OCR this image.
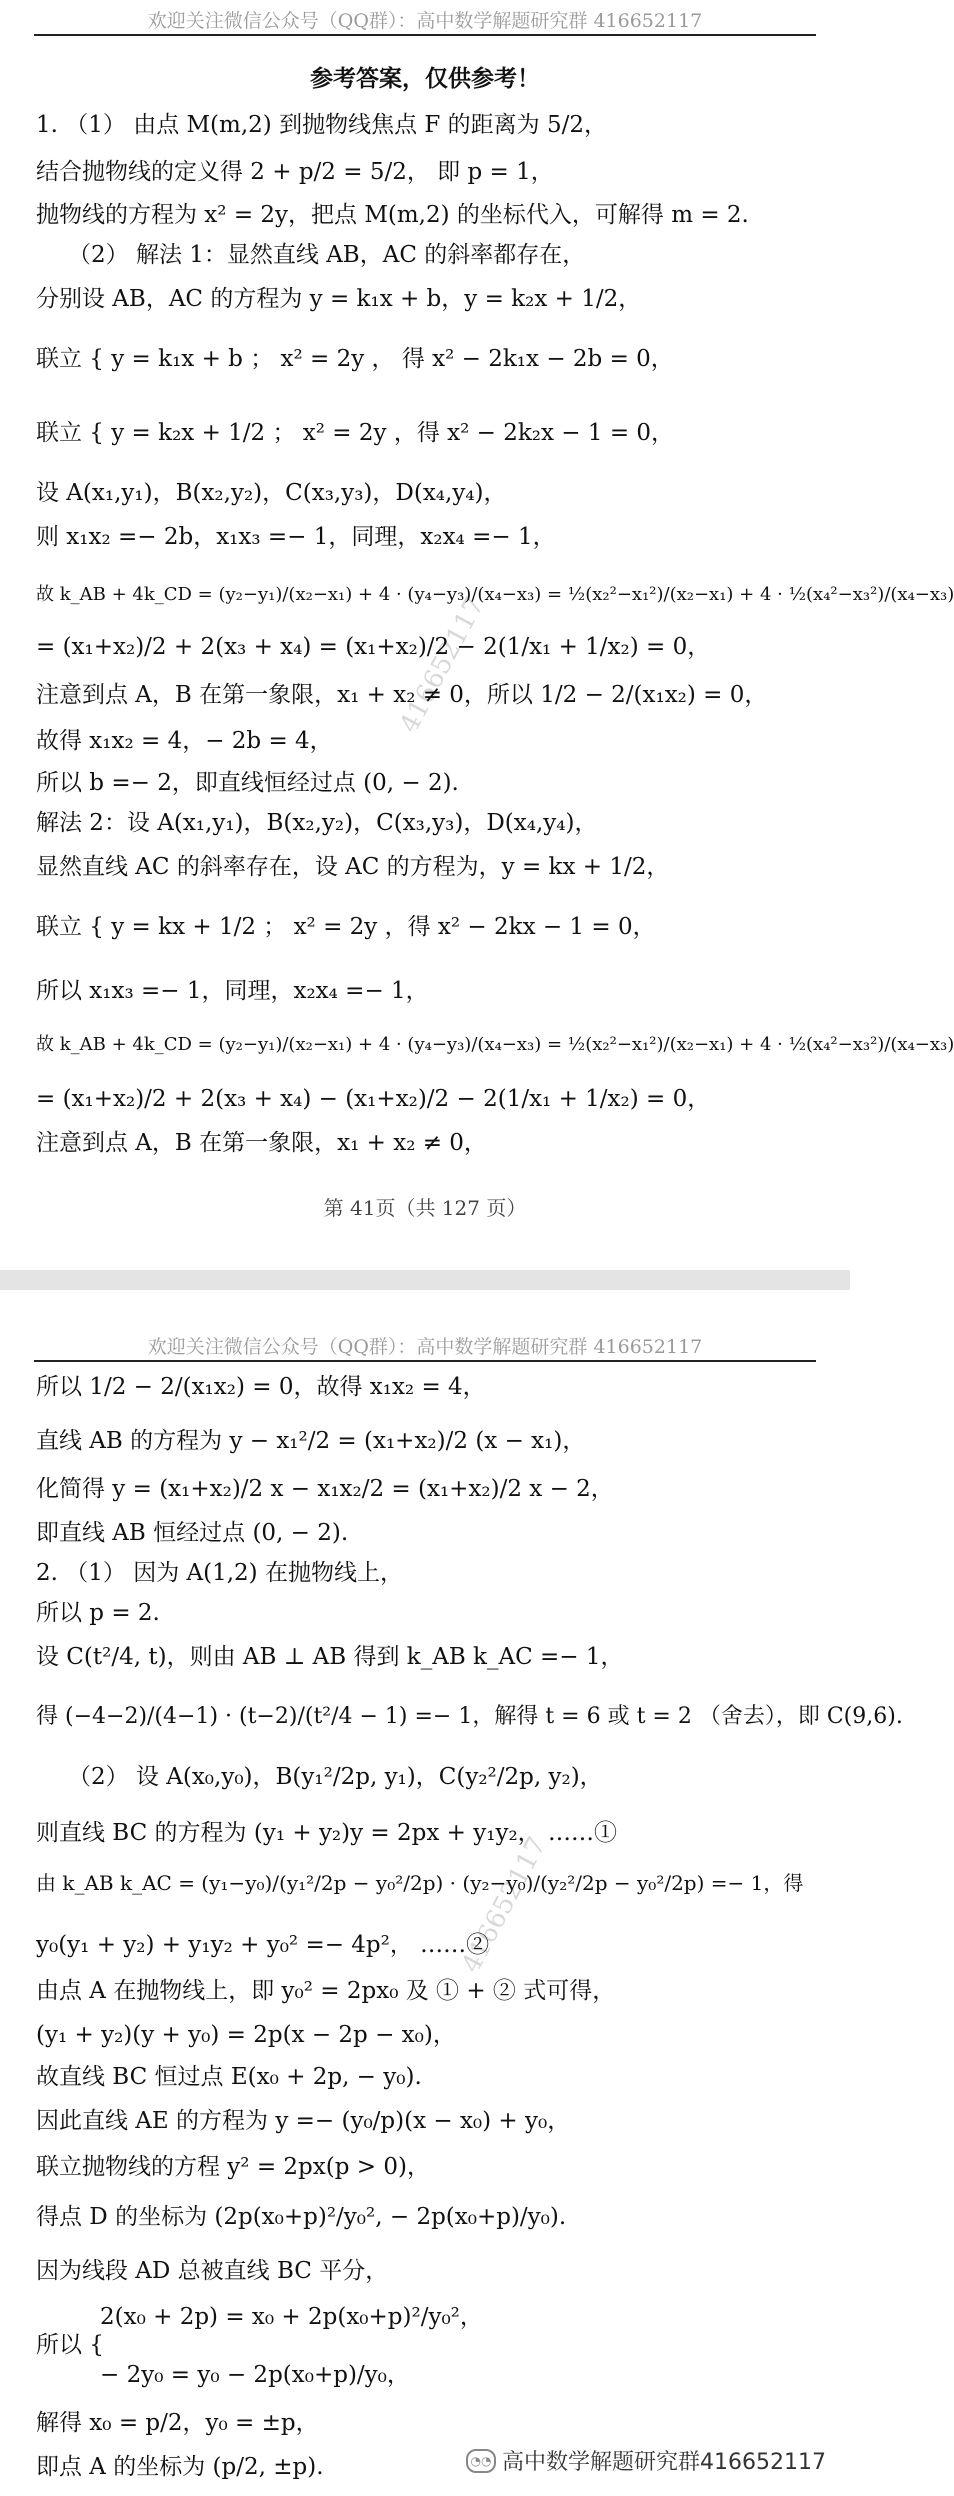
欢迎关注微信公众号（QQ群）：高中数学解题研究群 416652117
参考答案，仅供参考！
416652117
1. （1） 由点 M(m,2) 到抛物线焦点 F 的距离为 5/2，
结合抛物线的定义得 2 + p/2 = 5/2， 即 p = 1，
抛物线的方程为 x² = 2y，把点 M(m,2) 的坐标代入，可解得 m = 2.
（2） 解法 1：显然直线 AB，AC 的斜率都存在，
分别设 AB，AC 的方程为 y = k₁x + b，y = k₂x + 1/2，
联立 { y = k₁x + b ； x² = 2y ， 得 x² − 2k₁x − 2b = 0，
联立 { y = k₂x + 1/2 ； x² = 2y ，得 x² − 2k₂x − 1 = 0，
设 A(x₁,y₁)，B(x₂,y₂)，C(x₃,y₃)，D(x₄,y₄)，
则 x₁x₂ =− 2b，x₁x₃ =− 1，同理，x₂x₄ =− 1，
故 k_AB + 4k_CD = (y₂−y₁)/(x₂−x₁) + 4 · (y₄−y₃)/(x₄−x₃) = ½(x₂²−x₁²)/(x₂−x₁) + 4 · ½(x₄²−x₃²)/(x₄−x₃)
= (x₁+x₂)/2 + 2(x₃ + x₄) = (x₁+x₂)/2 − 2(1/x₁ + 1/x₂) = 0，
注意到点 A，B 在第一象限，x₁ + x₂ ≠ 0，所以 1/2 − 2/(x₁x₂) = 0，
故得 x₁x₂ = 4，− 2b = 4，
所以 b =− 2，即直线恒经过点 (0, − 2).
解法 2：设 A(x₁,y₁)，B(x₂,y₂)，C(x₃,y₃)，D(x₄,y₄)，
显然直线 AC 的斜率存在，设 AC 的方程为，y = kx + 1/2，
联立 { y = kx + 1/2 ； x² = 2y ，得 x² − 2kx − 1 = 0，
所以 x₁x₃ =− 1，同理，x₂x₄ =− 1，
故 k_AB + 4k_CD = (y₂−y₁)/(x₂−x₁) + 4 · (y₄−y₃)/(x₄−x₃) = ½(x₂²−x₁²)/(x₂−x₁) + 4 · ½(x₄²−x₃²)/(x₄−x₃)
= (x₁+x₂)/2 + 2(x₃ + x₄) − (x₁+x₂)/2 − 2(1/x₁ + 1/x₂) = 0，
注意到点 A，B 在第一象限，x₁ + x₂ ≠ 0，
第 41页（共 127 页）
欢迎关注微信公众号（QQ群）：高中数学解题研究群 416652117
416652117
所以 1/2 − 2/(x₁x₂) = 0，故得 x₁x₂ = 4，
直线 AB 的方程为 y − x₁²/2 = (x₁+x₂)/2 (x − x₁)，
化简得 y = (x₁+x₂)/2 x − x₁x₂/2 = (x₁+x₂)/2 x − 2，
即直线 AB 恒经过点 (0, − 2).
2. （1） 因为 A(1,2) 在抛物线上，
所以 p = 2.
设 C(t²/4, t)，则由 AB ⊥ AB 得到 k_AB k_AC =− 1，
得 (−4−2)/(4−1) · (t−2)/(t²/4 − 1) =− 1，解得 t = 6 或 t = 2 （舍去），即 C(9,6).
（2） 设 A(x₀,y₀)，B(y₁²/2p, y₁)，C(y₂²/2p, y₂)，
则直线 BC 的方程为 (y₁ + y₂)y = 2px + y₁y₂， ……①
由 k_AB k_AC = (y₁−y₀)/(y₁²/2p − y₀²/2p) · (y₂−y₀)/(y₂²/2p − y₀²/2p) =− 1，得
y₀(y₁ + y₂) + y₁y₂ + y₀² =− 4p²， ……②
由点 A 在抛物线上，即 y₀² = 2px₀ 及 ① + ② 式可得，
(y₁ + y₂)(y + y₀) = 2p(x − 2p − x₀)，
故直线 BC 恒过点 E(x₀ + 2p, − y₀).
因此直线 AE 的方程为 y =− (y₀/p)(x − x₀) + y₀，
联立抛物线的方程 y² = 2px(p > 0)，
得点 D 的坐标为 (2p(x₀+p)²/y₀², − 2p(x₀+p)/y₀).
因为线段 AD 总被直线 BC 平分，
2(x₀ + 2p) = x₀ + 2p(x₀+p)²/y₀²，
所以 {
− 2y₀ = y₀ − 2p(x₀+p)/y₀，
解得 x₀ = p/2，y₀ = ±p，
即点 A 的坐标为 (p/2, ±p).	◔◔ 高中数学解题研究群416652117
